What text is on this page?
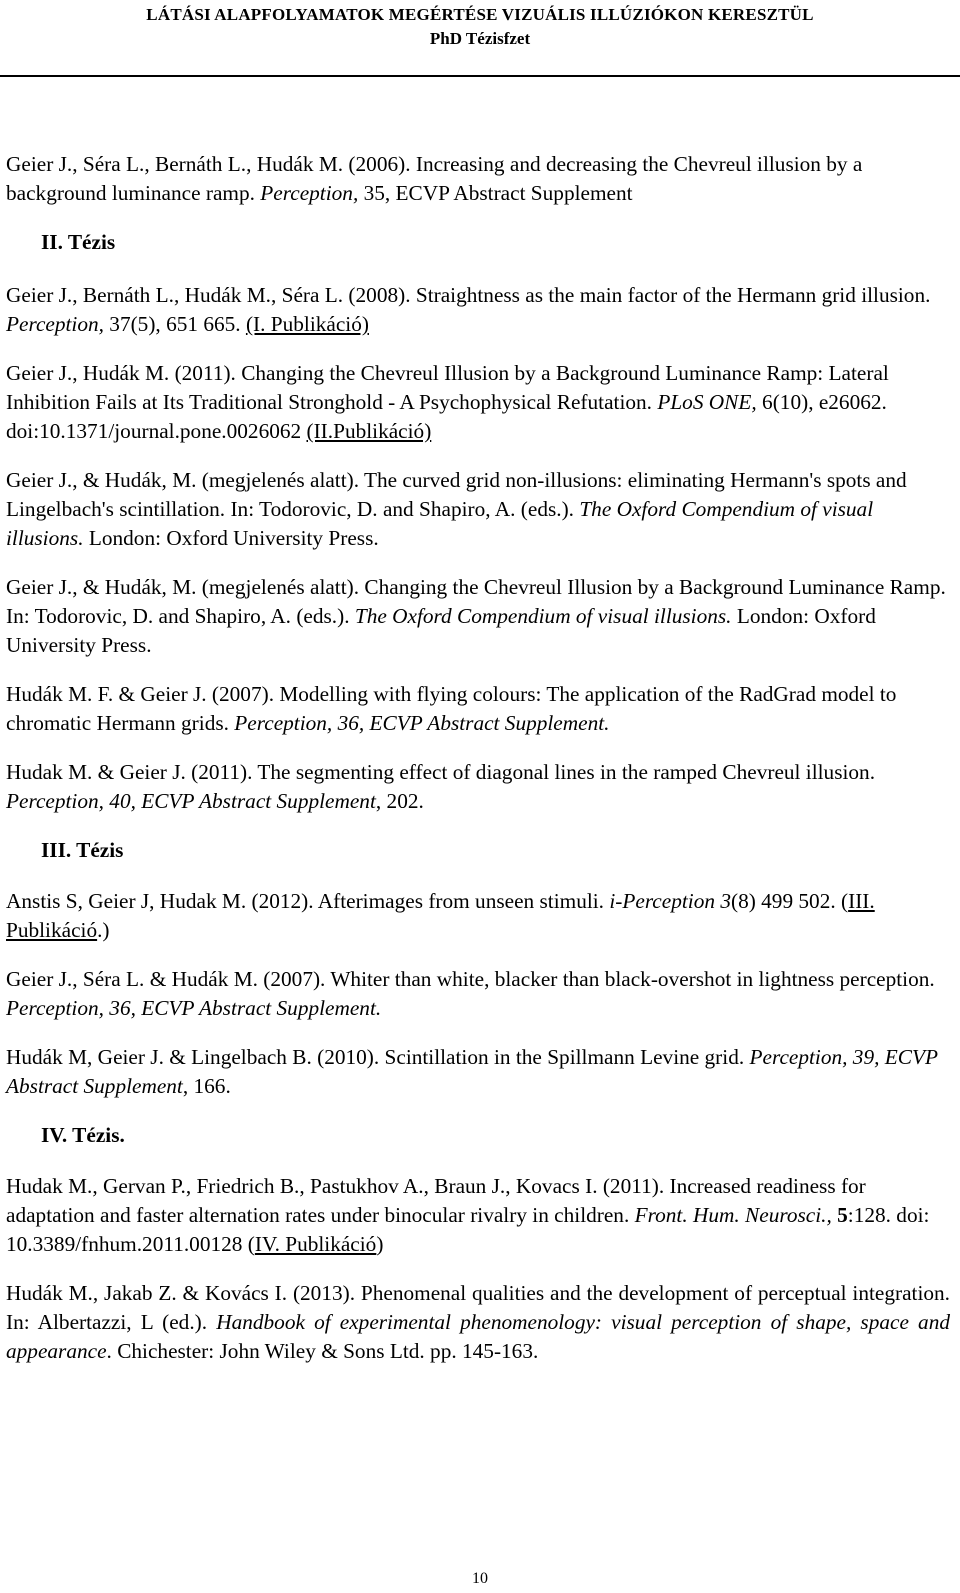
LÁTÁSI ALAPFOLYAMATOK MEGÉRTÉSE VIZUÁLIS ILLÚZIÓKON KERESZTÜL
PhD Tézisfzet
Geier J., Séra L., Bernáth L., Hudák M. (2006). Increasing and decreasing the Chevreul illusion by a background luminance ramp. Perception, 35, ECVP Abstract Supplement
II. Tézis
Geier J., Bernáth L., Hudák M., Séra L. (2008). Straightness as the main factor of the Hermann grid illusion. Perception, 37(5), 651 665. (I. Publikáció)
Geier J., Hudák M. (2011). Changing the Chevreul Illusion by a Background Luminance Ramp: Lateral Inhibition Fails at Its Traditional Stronghold - A Psychophysical Refutation. PLoS ONE, 6(10), e26062. doi:10.1371/journal.pone.0026062 (II.Publikáció)
Geier J., & Hudák, M. (megjelenés alatt). The curved grid non-illusions: eliminating Hermann's spots and Lingelbach's scintillation. In: Todorovic, D. and Shapiro, A. (eds.). The Oxford Compendium of visual illusions. London: Oxford University Press.
Geier J., & Hudák, M. (megjelenés alatt). Changing the Chevreul Illusion by a Background Luminance Ramp. In: Todorovic, D. and Shapiro, A. (eds.). The Oxford Compendium of visual illusions. London: Oxford University Press.
Hudák M. F. & Geier J. (2007). Modelling with flying colours: The application of the RadGrad model to chromatic Hermann grids. Perception, 36, ECVP Abstract Supplement.
Hudak M. & Geier J. (2011). The segmenting effect of diagonal lines in the ramped Chevreul illusion. Perception, 40, ECVP Abstract Supplement, 202.
III. Tézis
Anstis S, Geier J, Hudak M. (2012). Afterimages from unseen stimuli. i-Perception 3(8) 499 502. (III. Publikáció.)
Geier J., Séra L. & Hudák M. (2007). Whiter than white, blacker than black-overshot in lightness perception. Perception, 36, ECVP Abstract Supplement.
Hudák M, Geier J. & Lingelbach B. (2010). Scintillation in the Spillmann Levine grid. Perception, 39, ECVP Abstract Supplement, 166.
IV. Tézis.
Hudak M., Gervan P., Friedrich B., Pastukhov A., Braun J., Kovacs I. (2011). Increased readiness for adaptation and faster alternation rates under binocular rivalry in children. Front. Hum. Neurosci., 5:128. doi: 10.3389/fnhum.2011.00128 (IV. Publikáció)
Hudák M., Jakab Z. & Kovács I. (2013). Phenomenal qualities and the development of perceptual integration. In: Albertazzi, L (ed.). Handbook of experimental phenomenology: visual perception of shape, space and appearance. Chichester: John Wiley & Sons Ltd. pp. 145-163.
10
